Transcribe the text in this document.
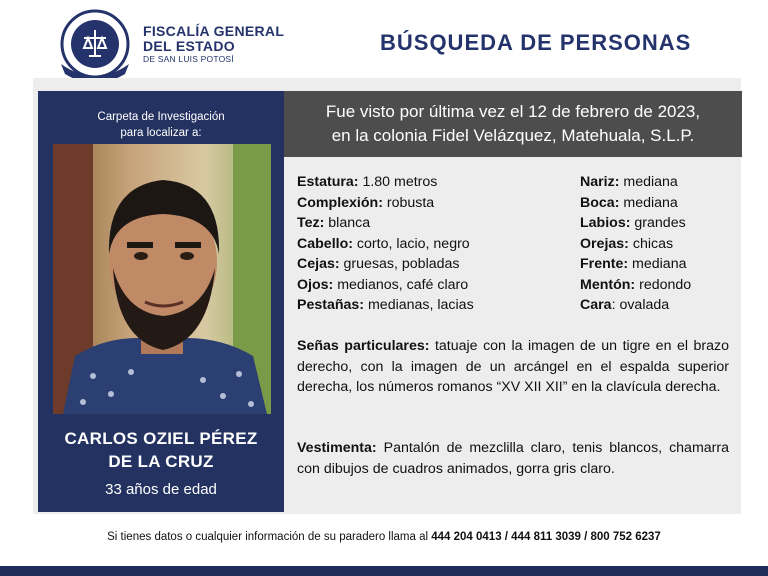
FISCALÍA GENERAL
DEL ESTADO
DE SAN LUIS POTOSÍ
BÚSQUEDA DE PERSONAS
Carpeta de Investigación
para localizar a:
CARLOS OZIEL PÉREZ
DE LA CRUZ
33 años de edad
Fue visto por última vez el 12 de febrero de 2023,
en la colonia Fidel Velázquez, Matehuala, S.L.P.
Estatura: 1.80 metros
Complexión: robusta
Tez: blanca
Cabello: corto, lacio, negro
Cejas: gruesas, pobladas
Ojos: medianos, café claro
Pestañas: medianas, lacias
Nariz: mediana
Boca: mediana
Labios: grandes
Orejas: chicas
Frente: mediana
Mentón: redondo
Cara: ovalada
Señas particulares: tatuaje con la imagen de un tigre en el brazo derecho, con la imagen de un arcángel en el espalda superior derecha, los números romanos “XV XII XII” en la clavícula derecha.
Vestimenta: Pantalón de mezclilla claro, tenis blancos, chamarra con dibujos de cuadros animados, gorra gris claro.
Si tienes datos o cualquier información de su paradero llama al 444 204 0413 / 444 811 3039 / 800 752 6237
